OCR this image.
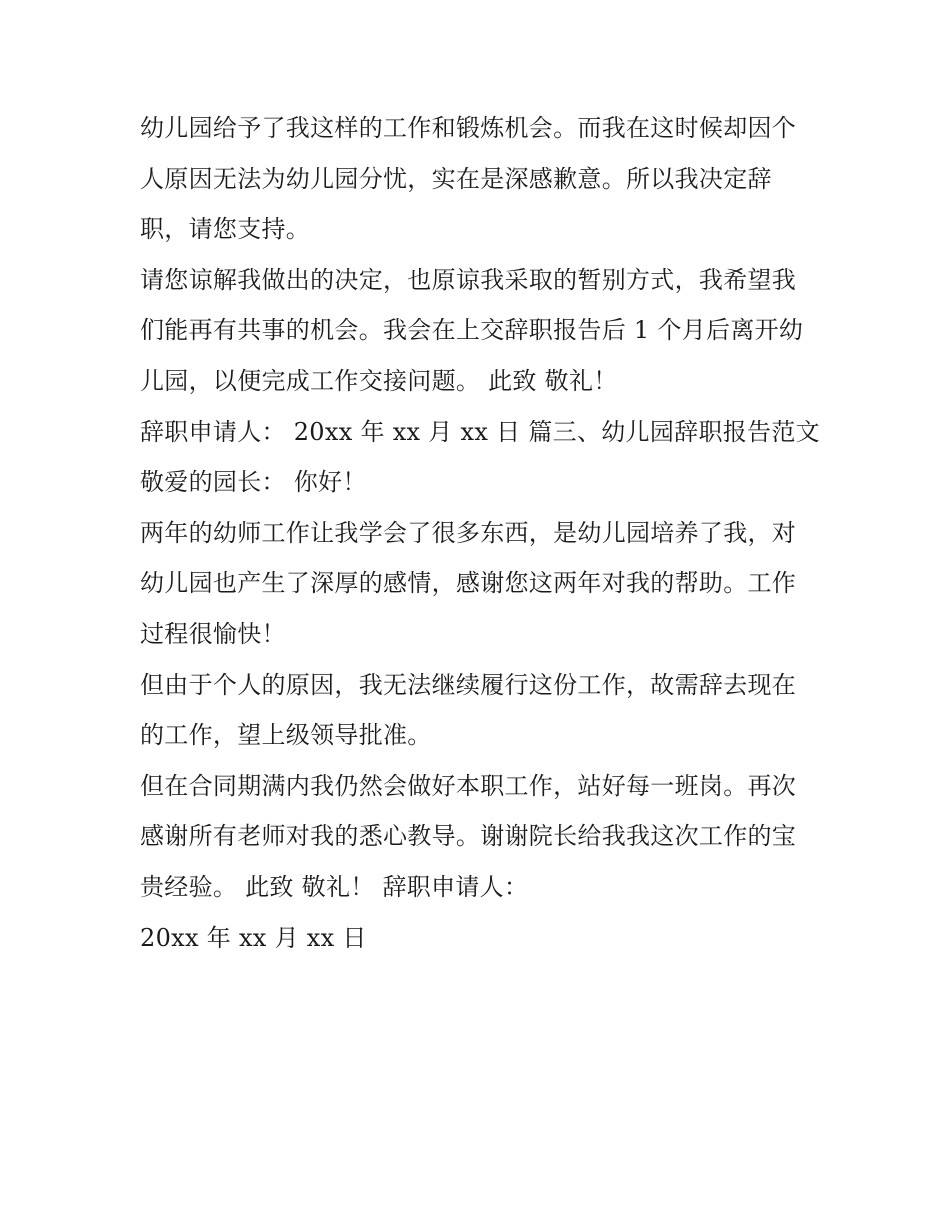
幼儿园给予了我这样的工作和锻炼机会。而我在这时候却因个
人原因无法为幼儿园分忧，实在是深感歉意。所以我决定辞
职，请您支持。
请您谅解我做出的决定，也原谅我采取的暂别方式，我希望我
们能再有共事的机会。我会在上交辞职报告后 1 个月后离开幼
儿园，以便完成工作交接问题。 此致 敬礼！
辞职申请人： 20xx 年 xx 月 xx 日 篇三、幼儿园辞职报告范文
敬爱的园长： 你好！
两年的幼师工作让我学会了很多东西，是幼儿园培养了我，对
幼儿园也产生了深厚的感情，感谢您这两年对我的帮助。工作
过程很愉快！
但由于个人的原因，我无法继续履行这份工作，故需辞去现在
的工作，望上级领导批准。
但在合同期满内我仍然会做好本职工作，站好每一班岗。再次
感谢所有老师对我的悉心教导。谢谢院长给我我这次工作的宝
贵经验。 此致 敬礼！ 辞职申请人：
20xx 年 xx 月 xx 日
